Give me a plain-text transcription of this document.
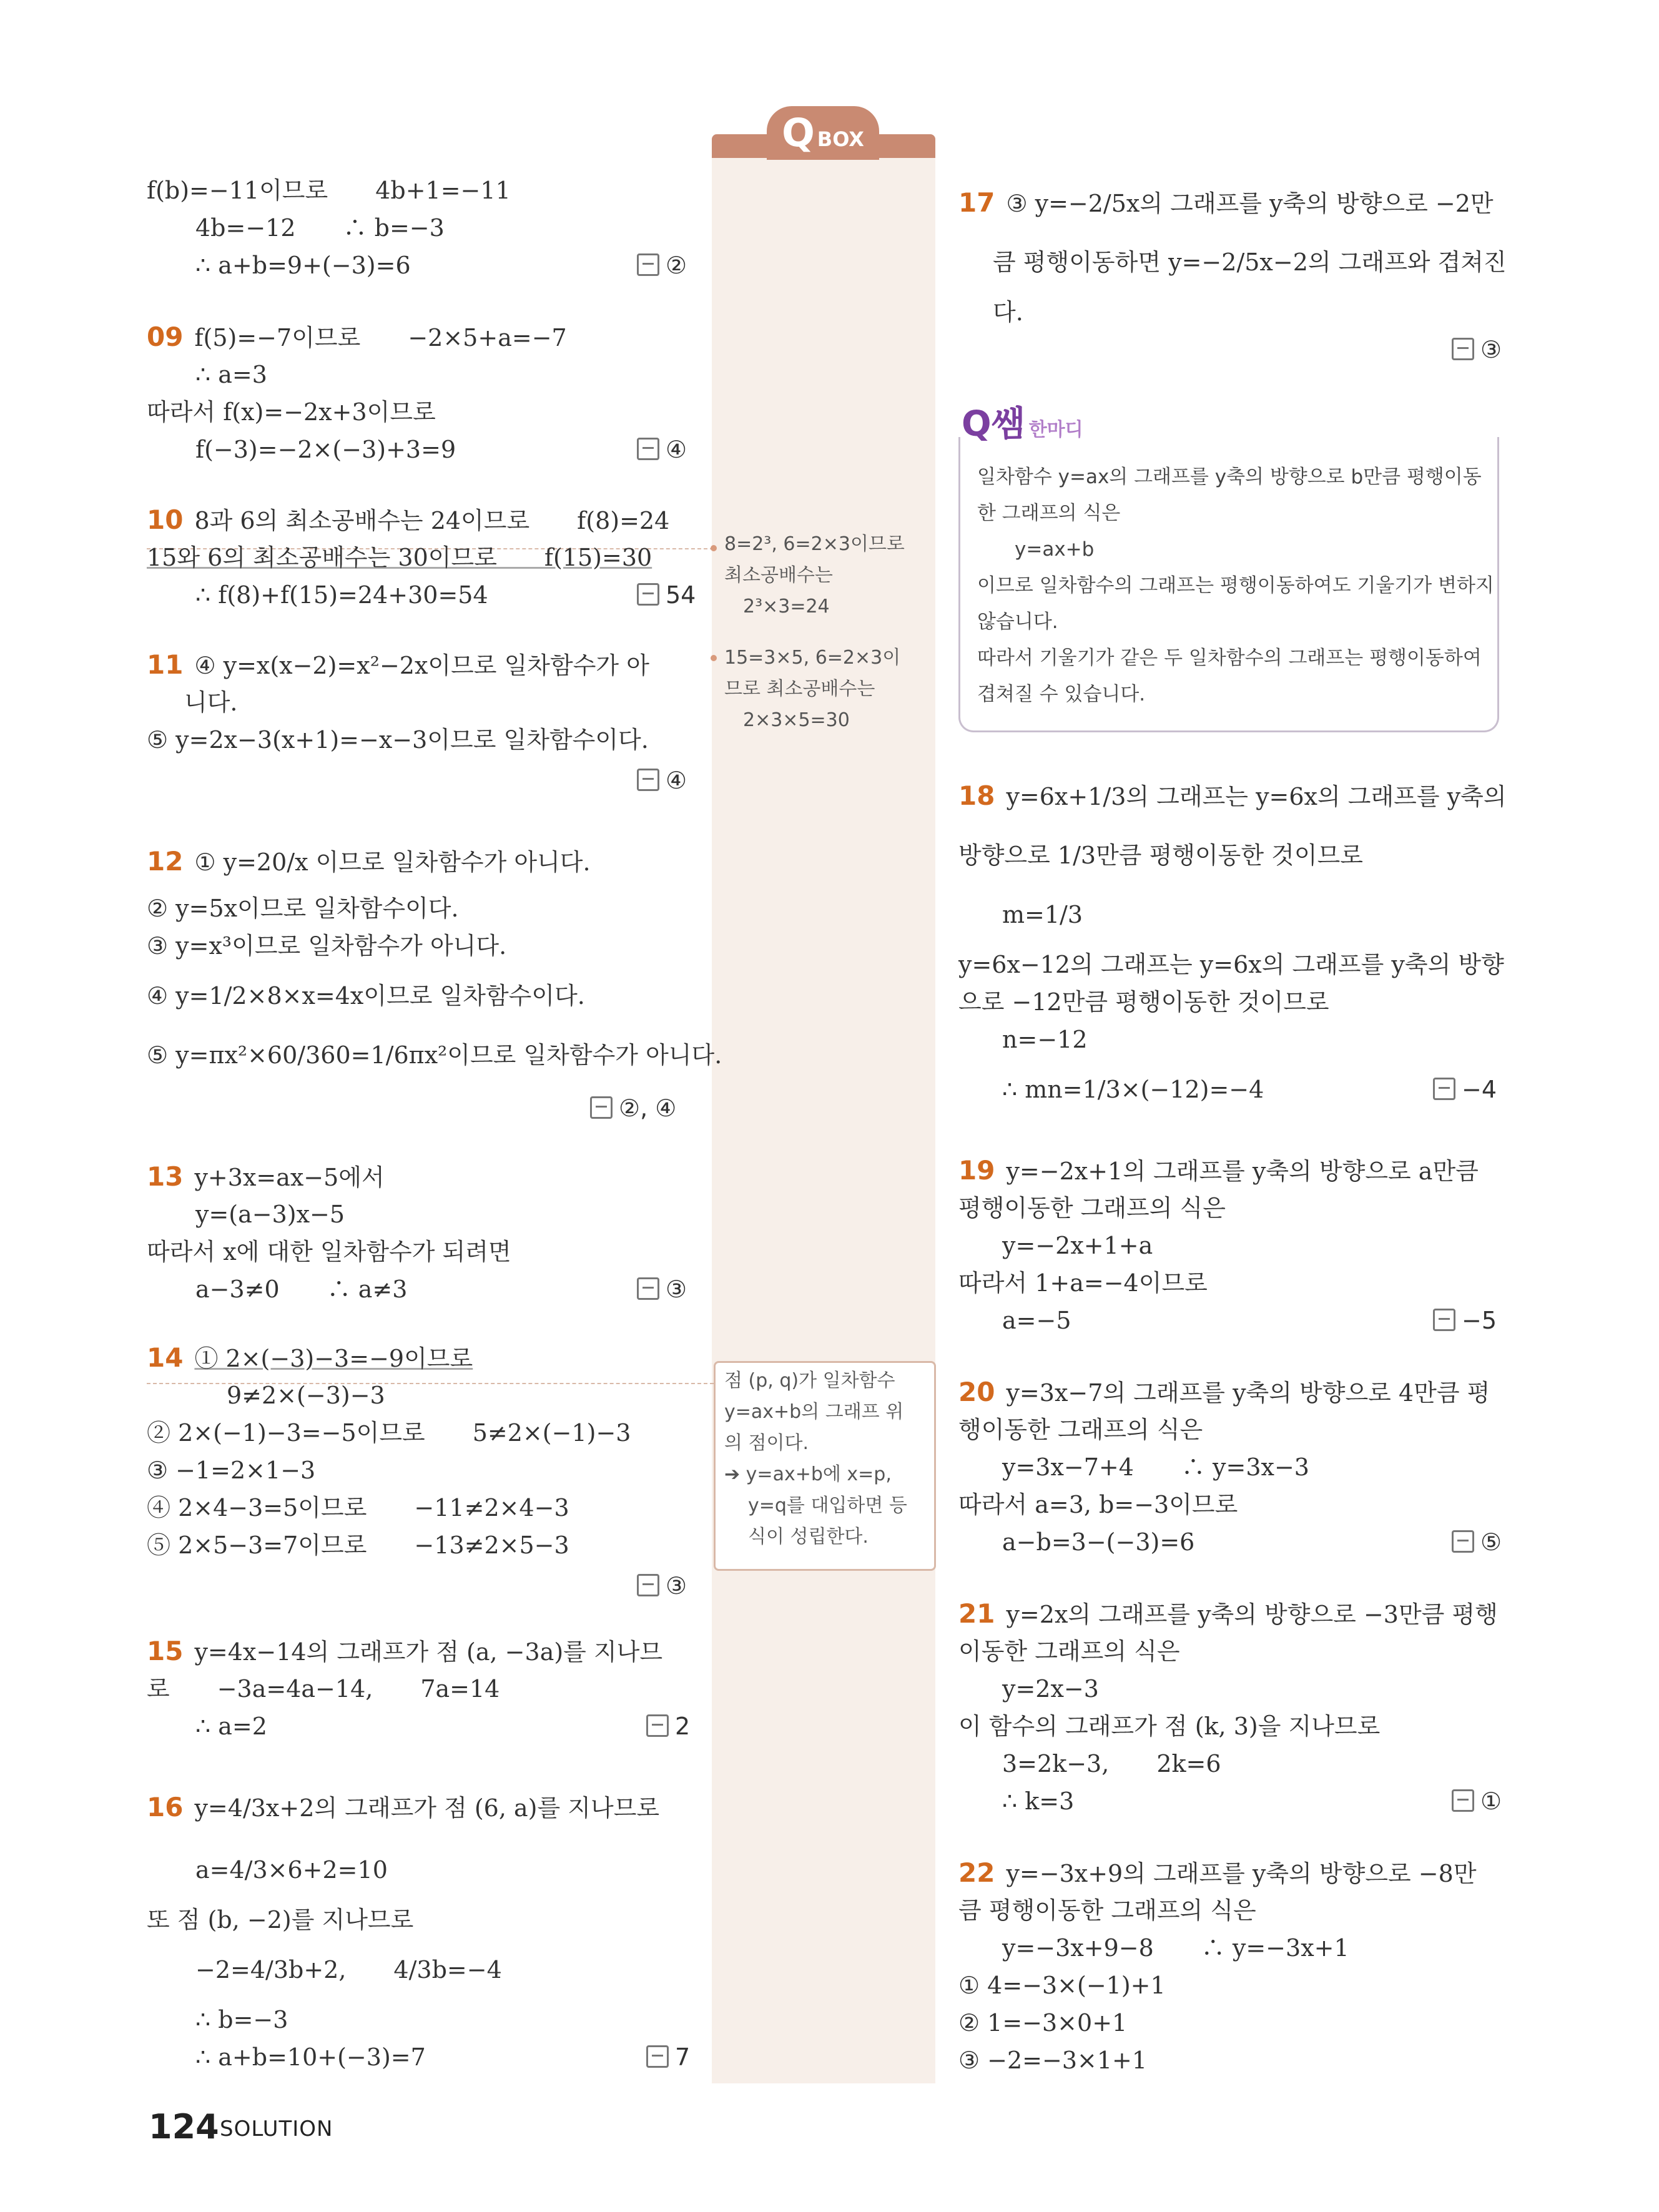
QBOX
f(b)=−11이므로　　4b+1=−11
4b=−12　　∴ b=−3
∴ a+b=9+(−3)=6
09 f(5)=−7이므로　　−2×5+a=−7
∴ a=3
따라서 f(x)=−2x+3이므로
f(−3)=−2×(−3)+3=9
10 8과 6의 최소공배수는 24이므로　　f(8)=24
15와 6의 최소공배수는 30이므로　　f(15)=30
∴ f(8)+f(15)=24+30=54
11 ④ y=x(x−2)=x²−2x이므로 일차함수가 아
니다.
⑤ y=2x−3(x+1)=−x−3이므로 일차함수이다.
12 ① y=20/x 이므로 일차함수가 아니다.
② y=5x이므로 일차함수이다.
③ y=x³이므로 일차함수가 아니다.
④ y=1/2×8×x=4x이므로 일차함수이다.
⑤ y=πx²×60/360=1/6πx²이므로 일차함수가 아니다.
13 y+3x=ax−5에서
y=(a−3)x−5
따라서 x에 대한 일차함수가 되려면
a−3≠0　　∴ a≠3
14 ① 2×(−3)−3=−9이므로
9≠2×(−3)−3
② 2×(−1)−3=−5이므로　　5≠2×(−1)−3
③ −1=2×1−3
④ 2×4−3=5이므로　　−11≠2×4−3
⑤ 2×5−3=7이므로　　−13≠2×5−3
15 y=4x−14의 그래프가 점 (a, −3a)를 지나므
로　　−3a=4a−14,　　7a=14
∴ a=2
16 y=4/3x+2의 그래프가 점 (6, a)를 지나므로
a=4/3×6+2=10
또 점 (b, −2)를 지나므로
−2=4/3b+2,　　4/3b=−4
∴ b=−3
∴ a+b=10+(−3)=7
②
④
54
④
②, ④
③
③
2
7
17 ③ y=−2/5x의 그래프를 y축의 방향으로 −2만
큼 평행이동하면 y=−2/5x−2의 그래프와 겹쳐진
다.
18 y=6x+1/3의 그래프는 y=6x의 그래프를 y축의
방향으로 1/3만큼 평행이동한 것이므로
m=1/3
y=6x−12의 그래프는 y=6x의 그래프를 y축의 방향
으로 −12만큼 평행이동한 것이므로
n=−12
∴ mn=1/3×(−12)=−4
19 y=−2x+1의 그래프를 y축의 방향으로 a만큼
평행이동한 그래프의 식은
y=−2x+1+a
따라서 1+a=−4이므로
a=−5
20 y=3x−7의 그래프를 y축의 방향으로 4만큼 평
행이동한 그래프의 식은
y=3x−7+4　　∴ y=3x−3
따라서 a=3, b=−3이므로
a−b=3−(−3)=6
21 y=2x의 그래프를 y축의 방향으로 −3만큼 평행
이동한 그래프의 식은
y=2x−3
이 함수의 그래프가 점 (k, 3)을 지나므로
3=2k−3,　　2k=6
∴ k=3
22 y=−3x+9의 그래프를 y축의 방향으로 −8만
큼 평행이동한 그래프의 식은
y=−3x+9−8　　∴ y=−3x+1
① 4=−3×(−1)+1
② 1=−3×0+1
③ −2=−3×1+1
③
−4
−5
⑤
①
8=2³, 6=2×3이므로
최소공배수는
2³×3=24
15=3×5, 6=2×3이
므로 최소공배수는
2×3×5=30
점 (p, q)가 일차함수
y=ax+b의 그래프 위
의 점이다.
➔ y=ax+b에 x=p,
y=q를 대입하면 등
식이 성립한다.
Q쌤 한마디
일차함수 y=ax의 그래프를 y축의 방향으로 b만큼 평행이동
한 그래프의 식은
y=ax+b
이므로 일차함수의 그래프는 평행이동하여도 기울기가 변하지
않습니다.
따라서 기울기가 같은 두 일차함수의 그래프는 평행이동하여
겹쳐질 수 있습니다.
124 SOLUTION
